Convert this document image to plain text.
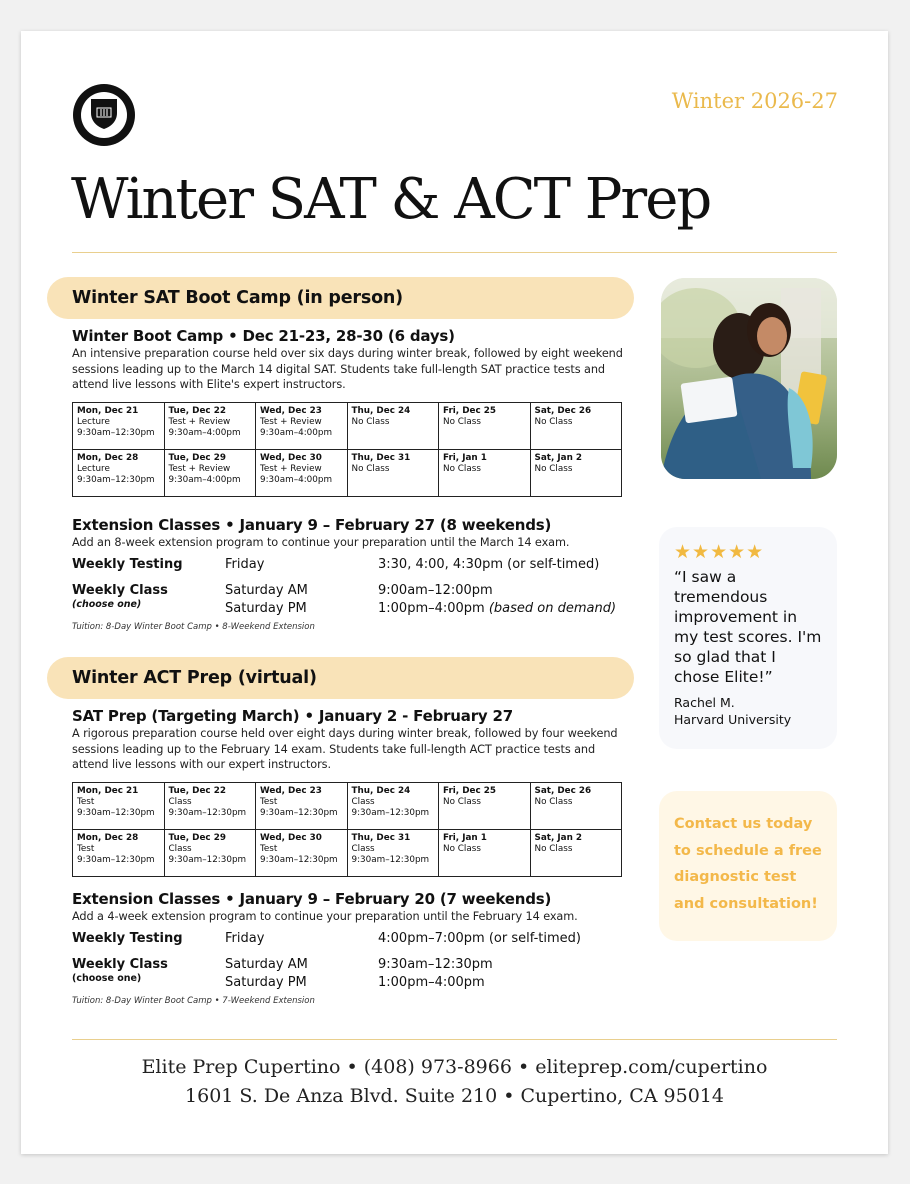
Winter 2026-27
Winter SAT & ACT Prep
Winter SAT Boot Camp (in person)
Winter Boot Camp • Dec 21-23, 28-30 (6 days)
An intensive preparation course held over six days during winter break, followed by eight weekend sessions leading up to the March 14 digital SAT. Students take full-length SAT practice tests and attend live lessons with Elite's expert instructors.
Mon, Dec 21
Lecture
9:30am–12:30pm	Tue, Dec 22
Test + Review
9:30am–4:00pm	Wed, Dec 23
Test + Review
9:30am–4:00pm	Thu, Dec 24
No Class	Fri, Dec 25
No Class	Sat, Dec 26
No Class

Mon, Dec 28
Lecture
9:30am–12:30pm	Tue, Dec 29
Test + Review
9:30am–4:00pm	Wed, Dec 30
Test + Review
9:30am–4:00pm	Thu, Dec 31
No Class	Fri, Jan 1
No Class	Sat, Jan 2
No Class
Extension Classes • January 9 – February 27 (8 weekends)
Add an 8-week extension program to continue your preparation until the March 14 exam.
Weekly Testing	Friday	3:30, 4:00, 4:30pm (or self-timed)
Weekly Class
(choose one)
Saturday AM	9:00am–12:00pm
Saturday PM	1:00pm–4:00pm (based on demand)
Tuition: 8-Day Winter Boot Camp • 8-Weekend Extension
Winter ACT Prep (virtual)
SAT Prep (Targeting March) • January 2 - February 27
A rigorous preparation course held over eight days during winter break, followed by four weekend sessions leading up to the February 14 exam. Students take full-length ACT practice tests and attend live lessons with our expert instructors.
Mon, Dec 21
Test
9:30am–12:30pm	Tue, Dec 22
Class
9:30am–12:30pm	Wed, Dec 23
Test
9:30am–12:30pm	Thu, Dec 24
Class
9:30am–12:30pm	Fri, Dec 25
No Class	Sat, Dec 26
No Class

Mon, Dec 28
Test
9:30am–12:30pm	Tue, Dec 29
Class
9:30am–12:30pm	Wed, Dec 30
Test
9:30am–12:30pm	Thu, Dec 31
Class
9:30am–12:30pm	Fri, Jan 1
No Class	Sat, Jan 2
No Class
Extension Classes • January 9 – February 20 (7 weekends)
Add a 4-week extension program to continue your preparation until the February 14 exam.
Weekly Testing	Friday	4:00pm–7:00pm (or self-timed)
Weekly Class
(choose one)
Saturday AM	9:30am–12:30pm
Saturday PM	1:00pm–4:00pm
Tuition: 8-Day Winter Boot Camp • 7-Weekend Extension
★★★★★
“I saw a tremendous improvement in my test scores. I'm so glad that I chose Elite!”
Rachel M.
Harvard University
Contact us today to schedule a free diagnostic test and consultation!
Elite Prep Cupertino • (408) 973-8966 • eliteprep.com/cupertino
1601 S. De Anza Blvd. Suite 210 • Cupertino, CA 95014
